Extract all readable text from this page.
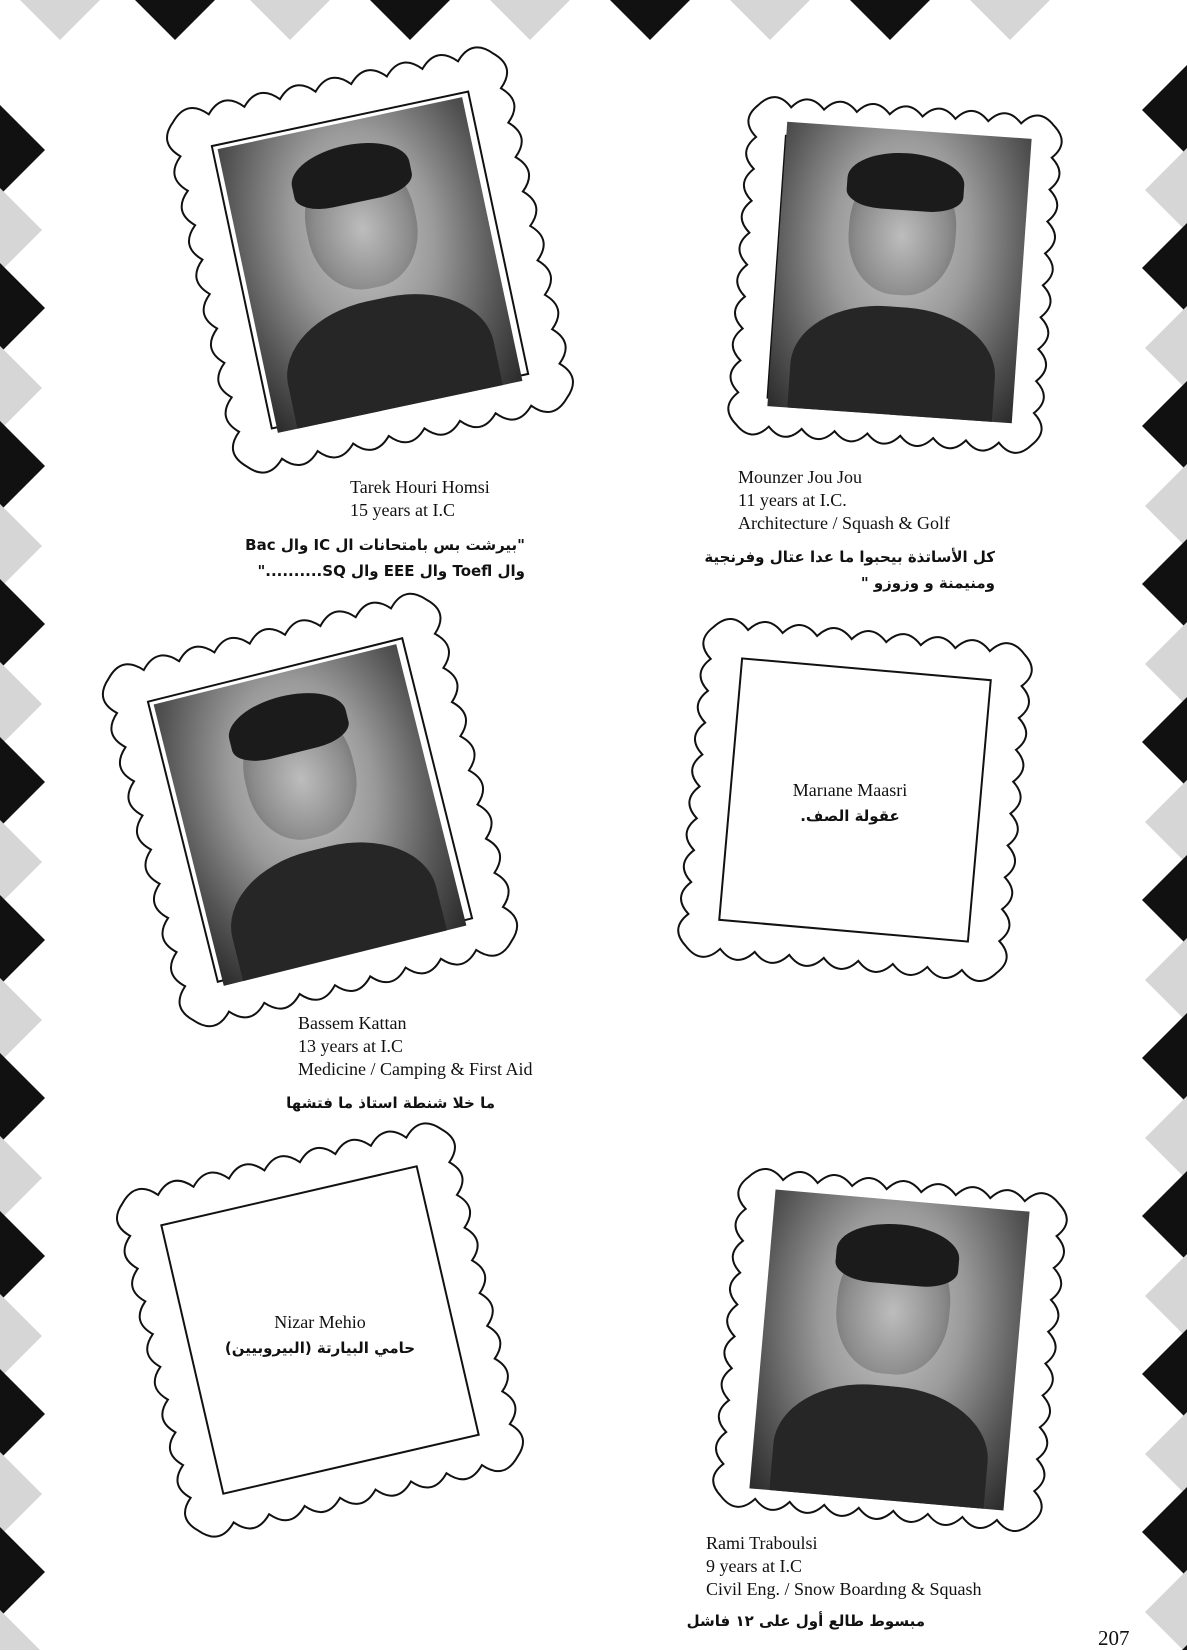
Marıane Maasri
عقولة الصف.
Nizar Mehio
حامي البيارتة (البيروبيين)
Tarek Houri Homsi
15 years at I.C
"بيرشت بس بامتحانات ال IC وال Bac
وال Toefl وال EEE وال SQ.........."
Mounzer Jou Jou
11 years at I.C.
Architecture / Squash & Golf
كل الأساتذة بيحبوا ما عدا عتال وفرنجية
ومنيمنة و وزوزو "
Bassem Kattan
13 years at I.C
Medicine / Camping & First Aid
ما خلا شنطة استاذ ما فتشها
Rami Traboulsi
9 years at I.C
Civil Eng. / Snow Boardıng & Squash
مبسوط طالع أول على ١٢ فاشل
207
